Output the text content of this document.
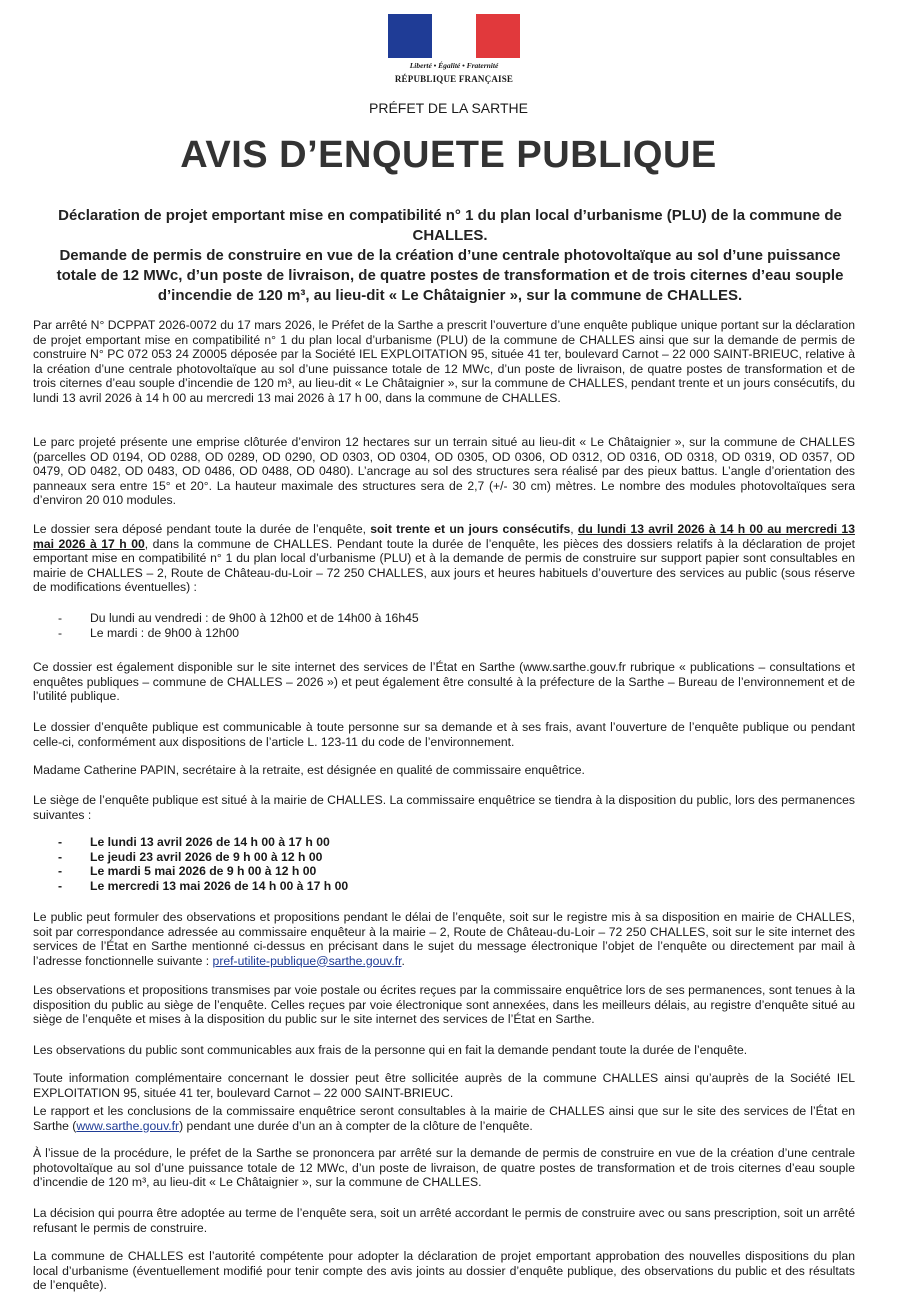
Liberté • Égalité • Fraternité
RÉPUBLIQUE FRANÇAISE
PRÉFET DE LA SARTHE
AVIS D’ENQUETE PUBLIQUE
Déclaration de projet emportant mise en compatibilité n° 1 du plan local d’urbanisme (PLU) de la commune de CHALLES.
Demande de permis de construire en vue de la création d’une centrale photovoltaïque au sol d’une puissance totale de 12 MWc, d’un poste de livraison, de quatre postes de transformation et de trois citernes d’eau souple d’incendie de 120 m³, au lieu-dit « Le Châtaignier », sur la commune de CHALLES.
Par arrêté N° DCPPAT 2026-0072 du 17 mars 2026, le Préfet de la Sarthe a prescrit l’ouverture d’une enquête publique unique portant sur la déclaration de projet emportant mise en compatibilité n° 1 du plan local d’urbanisme (PLU) de la commune de CHALLES ainsi que sur la demande de permis de construire N° PC 072 053 24 Z0005 déposée par la Société IEL EXPLOITATION 95, située 41 ter, boulevard Carnot – 22 000 SAINT-BRIEUC, relative à la création d’une centrale photovoltaïque au sol d’une puissance totale de 12 MWc, d’un poste de livraison, de quatre postes de transformation et de trois citernes d’eau souple d’incendie de 120 m³, au lieu-dit « Le Châtaignier », sur la commune de CHALLES, pendant trente et un jours consécutifs, du lundi 13 avril 2026 à 14 h 00 au mercredi 13 mai 2026 à 17 h 00, dans la commune de CHALLES.
Le parc projeté présente une emprise clôturée d’environ 12 hectares sur un terrain situé au lieu-dit « Le Châtaignier », sur la commune de CHALLES (parcelles OD 0194, OD 0288, OD 0289, OD 0290, OD 0303, OD 0304, OD 0305, OD 0306, OD 0312, OD 0316, OD 0318, OD 0319, OD 0357, OD 0479, OD 0482, OD 0483, OD 0486, OD 0488, OD 0480). L’ancrage au sol des structures sera réalisé par des pieux battus. L’angle d’orientation des panneaux sera entre 15° et 20°. La hauteur maximale des structures sera de 2,7 (+/- 30 cm) mètres. Le nombre des modules photovoltaïques sera d’environ 20 010 modules.
Le dossier sera déposé pendant toute la durée de l’enquête, soit trente et un jours consécutifs, du lundi 13 avril 2026 à 14 h 00 au mercredi 13 mai 2026 à 17 h 00, dans la commune de CHALLES. Pendant toute la durée de l’enquête, les pièces des dossiers relatifs à la déclaration de projet emportant mise en compatibilité n° 1 du plan local d’urbanisme (PLU) et à la demande de permis de construire sur support papier sont consultables en mairie de CHALLES – 2, Route de Château-du-Loir – 72 250 CHALLES, aux jours et heures habituels d’ouverture des services au public (sous réserve de modifications éventuelles) :
-	Du lundi au vendredi : de 9h00 à 12h00 et de 14h00 à 16h45
-	Le mardi : de 9h00 à 12h00
Ce dossier est également disponible sur le site internet des services de l’État en Sarthe (www.sarthe.gouv.fr rubrique « publications – consultations et enquêtes publiques – commune de CHALLES – 2026 ») et peut également être consulté à la préfecture de la Sarthe – Bureau de l’environnement et de l’utilité publique.
Le dossier d’enquête publique est communicable à toute personne sur sa demande et à ses frais, avant l’ouverture de l’enquête publique ou pendant celle-ci, conformément aux dispositions de l’article L. 123-11 du code de l’environnement.
Madame Catherine PAPIN, secrétaire à la retraite, est désignée en qualité de commissaire enquêtrice.
Le siège de l’enquête publique est situé à la mairie de CHALLES. La commissaire enquêtrice se tiendra à la disposition du public, lors des permanences suivantes :
-	Le lundi 13 avril 2026 de 14 h 00 à 17 h 00
-	Le jeudi 23 avril 2026 de 9 h 00 à 12 h 00
-	Le mardi 5 mai 2026 de 9 h 00 à 12 h 00
-	Le mercredi 13 mai 2026 de 14 h 00 à 17 h 00
Le public peut formuler des observations et propositions pendant le délai de l’enquête, soit sur le registre mis à sa disposition en mairie de CHALLES, soit par correspondance adressée au commissaire enquêteur à la mairie – 2, Route de Château-du-Loir – 72 250 CHALLES, soit sur le site internet des services de l’État en Sarthe mentionné ci-dessus en précisant dans le sujet du message électronique l’objet de l’enquête ou directement par mail à l’adresse fonctionnelle suivante : pref-utilite-publique@sarthe.gouv.fr.
Les observations et propositions transmises par voie postale ou écrites reçues par la commissaire enquêtrice lors de ses permanences, sont tenues à la disposition du public au siège de l’enquête. Celles reçues par voie électronique sont annexées, dans les meilleurs délais, au registre d’enquête situé au siège de l’enquête et mises à la disposition du public sur le site internet des services de l’État en Sarthe.
Les observations du public sont communicables aux frais de la personne qui en fait la demande pendant toute la durée de l’enquête.
Toute information complémentaire concernant le dossier peut être sollicitée auprès de la commune CHALLES ainsi qu’auprès de la Société IEL EXPLOITATION 95, située 41 ter, boulevard Carnot – 22 000 SAINT-BRIEUC.
Le rapport et les conclusions de la commissaire enquêtrice seront consultables à la mairie de CHALLES ainsi que sur le site des services de l’État en Sarthe (www.sarthe.gouv.fr) pendant une durée d’un an à compter de la clôture de l’enquête.
À l’issue de la procédure, le préfet de la Sarthe se prononcera par arrêté sur la demande de permis de construire en vue de la création d’une centrale photovoltaïque au sol d’une puissance totale de 12 MWc, d’un poste de livraison, de quatre postes de transformation et de trois citernes d’eau souple d’incendie de 120 m³, au lieu-dit « Le Châtaignier », sur la commune de CHALLES.
La décision qui pourra être adoptée au terme de l’enquête sera, soit un arrêté accordant le permis de construire avec ou sans prescription, soit un arrêté refusant le permis de construire.
La commune de CHALLES est l’autorité compétente pour adopter la déclaration de projet emportant approbation des nouvelles dispositions du plan local d’urbanisme (éventuellement modifié pour tenir compte des avis joints au dossier d’enquête publique, des observations du public et des résultats de l’enquête).
